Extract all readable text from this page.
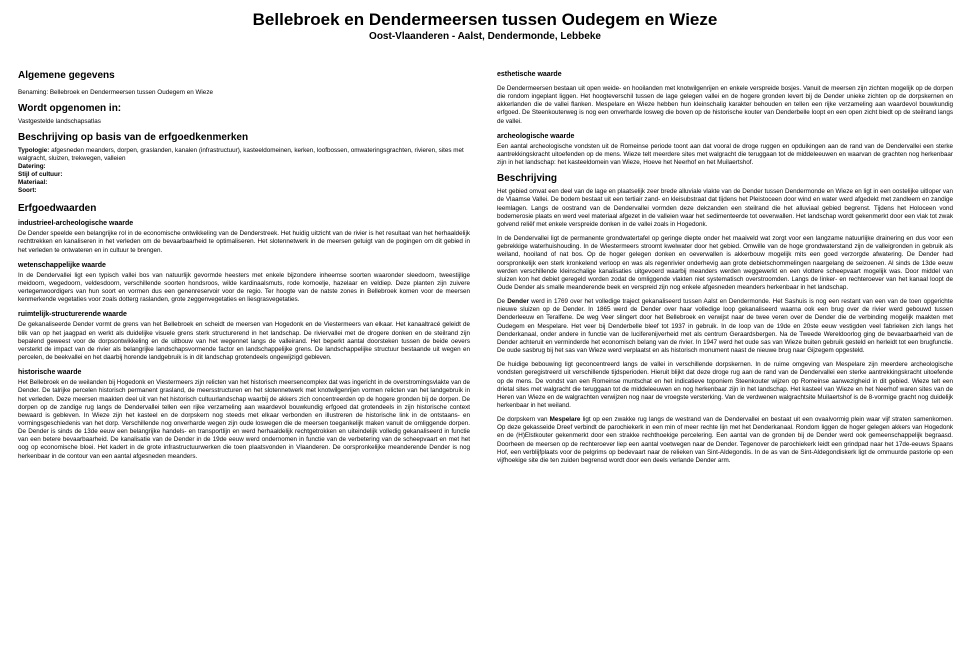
Bellebroek en Dendermeersen tussen Oudegem en Wieze
Oost-Vlaanderen - Aalst, Dendermonde, Lebbeke
Algemene gegevens

Benaming: Bellebroek en Dendermeersen tussen Oudegem en Wieze

Wordt opgenomen in:

Vastgestelde landschapsatlas

Beschrijving op basis van de erfgoedkenmerken

Typologie: afgesneden meanders, dorpen, graslanden, kanalen (infrastructuur), kasteeldomeinen, kerken, loofbossen, omwateringsgrachten, rivieren, sites met walgracht, sluizen, trekwegen, valleien

Datering:

Stijl of cultuur:

Materiaal:

Soort:

Erfgoedwaarden
industrieel-archeologische waarde

De Dender speelde een belangrijke rol in de economische ontwikkeling van de Denderstreek. Het huidig uitzicht van de rivier is het resultaat van het herhaaldelijk rechttrekken en kanaliseren in het verleden om de bevaarbaarheid te optimaliseren. Het slotennetwerk in de meersen getuigt van de pogingen om dit gebied in het verleden te ontwateren en in cultuur te brengen.

wetenschappelijke waarde

In de Dendervallei ligt een typisch vallei bos van natuurlijk gevormde heesters met enkele bijzondere inheemse soorten waaronder sleedoorn, tweestijlige meidoorn, wegedoorn, veldesdoorn, verschillende soorten hondsroos, wilde kardinaalsmuts, rode kornoelje, hazelaar en veldiep. Deze planten zijn zuivere vertegenwoordigers van hun soort en vormen dus een genenreservoir voor de regio. Ter hoogte van de natste zones in Bellebroek komen voor de meersen kenmerkende vegetaties voor zoals dotterg raslanden, grote zeggenvegetaties en liesgrasvegetaties.

ruimtelijk-structurerende waarde

De gekanaliseerde Dender vormt de grens van het Bellebroek en scheidt de meersen van Hogedonk en de Viestermeers van elkaar. Het kanaaltracé geleidt de blik van op het jaagpad en werkt als duidelijke visuele grens sterk structurerend in het landschap. De riviervallei met de drogere donken en de steilrand zijn bepalend geweest voor de dorpsontwikkeling en de uitbouw van het wegennet langs de valleirand. Het beperkt aantal doorsteken tussen de beide oevers versterkt de impact van de rivier als belangrijke landschapsvormende factor en landschappelijke grens. De landschappelijke structuur bestaande uit wegen en percelen, de beekvallei en het daarbij horende landgebruik is in dit landschap grotendeels ongewijzigd gebleven.

historische waarde

Het Bellebroek en de weilanden bij Hogedonk en Viestermeers zijn relicten van het historisch meersencomplex dat was ingericht in de overstromingsvlakte van de Dender. De talrijke percelen historisch permanent grasland, de meersstructuren en het slotennetwerk met knotwilgenrijen vormen relicten van het landgebruik in het verleden. Deze meersen maakten deel uit van het historisch cultuurlandschap waarbij de akkers zich concentreerden op de hogere gronden bij de dorpen. De dorpen op de zandige rug langs de Dendervallei tellen een rijke verzameling aan waardevol bouwkundig erfgoed dat grotendeels in zijn historische context bewaard is gebleven. In Wieze zijn het kasteel en de dorpskern nog steeds met elkaar verbonden en illustreren de historische link in de ontstaans- en vormingsgeschiedenis van het dorp. Verschillende nog onverharde wegen zijn oude loswegen die de meersen toegankelijk maken vanuit de omliggende dorpen. De Dender is sinds de 13de eeuw een belangrijke handels- en transportlijn en werd herhaaldelijk rechtgetrokken en uiteindelijk volledig gekanaliseerd in functie van een betere bevaarbaarheid. De kanalisatie van de Dender in de 19de eeuw werd ondernomen in functie van de verbetering van de scheepvaart en met het oog op economische bloei. Het kadert in de grote infrastructuurwerken die toen plaatsvonden in Vlaanderen. De oorspronkelijke meanderende Dender is nog herkenbaar in de contour van een aantal afgesneden meanders.

esthetische waarde

De Dendermeersen bestaan uit open weide- en hooilanden met knotwilgenrijen en enkele verspreide bosjes. Vanuit de meersen zijn zichten mogelijk op de dorpen die rondom ingeplant liggen. Het hoogteverschil tussen de lage gelegen vallei en de hogere gronden levert bij de Dender unieke zichten op de dorpskernen en akkerlanden die de vallei flanken. Mespelare en Wieze hebben hun kleinschalig karakter behouden en tellen een rijke verzameling aan waardevol bouwkundig erfgoed. De Steenkouterweg is nog een onverharde losweg die boven op de historische kouter van Denderbelle loopt en een open zicht biedt op de steilrand langs de vallei.

archeologische waarde

Een aantal archeologische vondsten uit de Romeinse periode toont aan dat vooral de droge ruggen en opduikingen aan de rand van de Dendervallei een sterke aantrekkingskracht uitoefenden op de mens. Wieze telt meerdere sites met walgracht die teruggaan tot de middeleeuwen en waarvan de grachten nog herkenbaar zijn in het landschap: het kasteeldomein van Wieze, Hoeve het Neerhof en het Muilaertshof.

Beschrijving

Het gebied omvat een deel van de lage en plaatselijk zeer brede alluviale vlakte van de Dender tussen Dendermonde en Wieze en ligt in een oostelijke uitloper van de Vlaamse Vallei. De bodem bestaat uit een tertiair zand- en kleisubstraat dat tijdens het Pleistoceen door wind en water werd afgedekt met zandleem en zandige leemlagen. Langs de oostrand van de Dendervallei vormden deze dekzanden een steilrand die het alluviaal gebied begrenst. Tijdens het Holoceen vond bodemerosie plaats en werd veel materiaal afgezet in de valleien waar het sedimenteerde tot oeverwallen. Het landschap wordt gekenmerkt door een vlak tot zwak golvend reliëf met enkele verspreide donken in de vallei zoals in Hogedonk.

In de Dendervallei ligt de permanente grondwatertafel op geringe diepte onder het maaiveld wat zorgt voor een langzame natuurlijke drainering en dus voor een gebrekkige waterhuishouding. In de Wiestermeers stroomt kwelwater door het gebied. Omwille van de hoge grondwaterstand zijn de valleigronden in gebruik als weiland, hooiland of nat bos. Op de hoger gelegen donken en oeverwallen is akkerbouw mogelijk mits een goed verzorgde afwatering. De Dender had oorspronkelijk een sterk kronkelend verloop en was als regenrivier onderhevig aan grote debietschommelingen naargelang de seizoenen. Al sinds de 13de eeuw werden verschillende kleinschalige kanalisaties uitgevoerd waarbij meanders werden weggewerkt en een vlottere scheepvaart mogelijk was. Door middel van sluizen kon het debiet geregeld worden zodat de omliggende vlakten niet systematisch overstroomden. Langs de linker- en rechteroever van het kanaal loopt de Oude Dender als smalle meanderende beek en verspreid zijn nog enkele afgesneden meanders herkenbaar in het landschap.

De Dender werd in 1769 over het volledige traject gekanaliseerd tussen Aalst en Dendermonde. Het Sashuis is nog een restant van een van de toen opgerichte nieuwe sluizen op de Dender. In 1865 werd de Dender over haar volledige loop gekanaliseerd waarna ook een brug over de rivier werd gebouwd tussen Denderleeuw en Teralfene. De weg Veer slingert door het Bellebroek en verwijst naar de twee veren over de Dender die de verbinding mogelijk maakten met Oudegem en Mespelare. Het veer bij Denderbelle bleef tot 1937 in gebruik. In de loop van de 19de en 20ste eeuw vestigden veel fabrieken zich langs het Denderkanaal, onder andere in functie van de luciferenijverheid met als centrum Geraardsbergen. Na de Tweede Wereldoorlog ging de bevaarbaarheid van de Dender achteruit en verminderde het economisch belang van de rivier. In 1947 werd het oude sas van Wieze buiten gebruik gesteld en herleidt tot een brugfunctie. De oude sasbrug bij het sas van Wieze werd verplaatst en als historisch monument naast de nieuwe brug naar Gijzegem opgesteld.

De huidige bebouwing ligt geconcentreerd langs de vallei in verschillende dorpskernen. In de ruime omgeving van Mespelare zijn meerdere archeologische vondsten geregistreerd uit verschillende tijdsperioden. Hieruit blijkt dat deze droge rug aan de rand van de Dendervallei een sterke aantrekkingskracht uitoefende op de mens. De vondst van een Romeinse muntschat en het indicatieve toponiem Steenkouter wijzen op Romeinse aanwezigheid in dit gebied. Wieze telt een drietal sites met walgracht die teruggaan tot de middeleeuwen en nog herkenbaar zijn in het landschap. Het kasteel van Wieze en het Neerhof waren sites van de Heren van Wieze en de walgrachten verwijzen nog naar de vroegste versterking. Van de verdwenen walgrachtsite Muilaertshof is de 8-vormige gracht nog duidelijk herkenbaar in het weiland.

De dorpskern van Mespelare ligt op een zwakke rug langs de westrand van de Dendervallei en bestaat uit een ovaalvormig plein waar vijf straten samenkomen. Op deze gekasseide Dreef verbindt de parochiekerk in een min of meer rechte lijn met het Denderkanaal. Rondom liggen de hoger gelegen akkers van Hogedonk en de (H)Elstkouter gekenmerkt door een strakke rechthoekige percelering. Een aantal van de gronden bij de Dender werd ook gemeenschappelijk begraasd. Doorheen de meersen op de rechteroever liep een aantal voetwegen naar de Dender. Tegenover de parochiekerk leidt een grindpad naar het 17de-eeuws Spaans Hof, een verblijfplaats voor de pelgrims op bedevaart naar de relieken van Sint-Aldegondis. In de as van de Sint-Aldegondiskerk ligt de ommuurde pastorie op een vijfhoekige site die ten zuiden begrensd wordt door een deels verlande Dender arm.
